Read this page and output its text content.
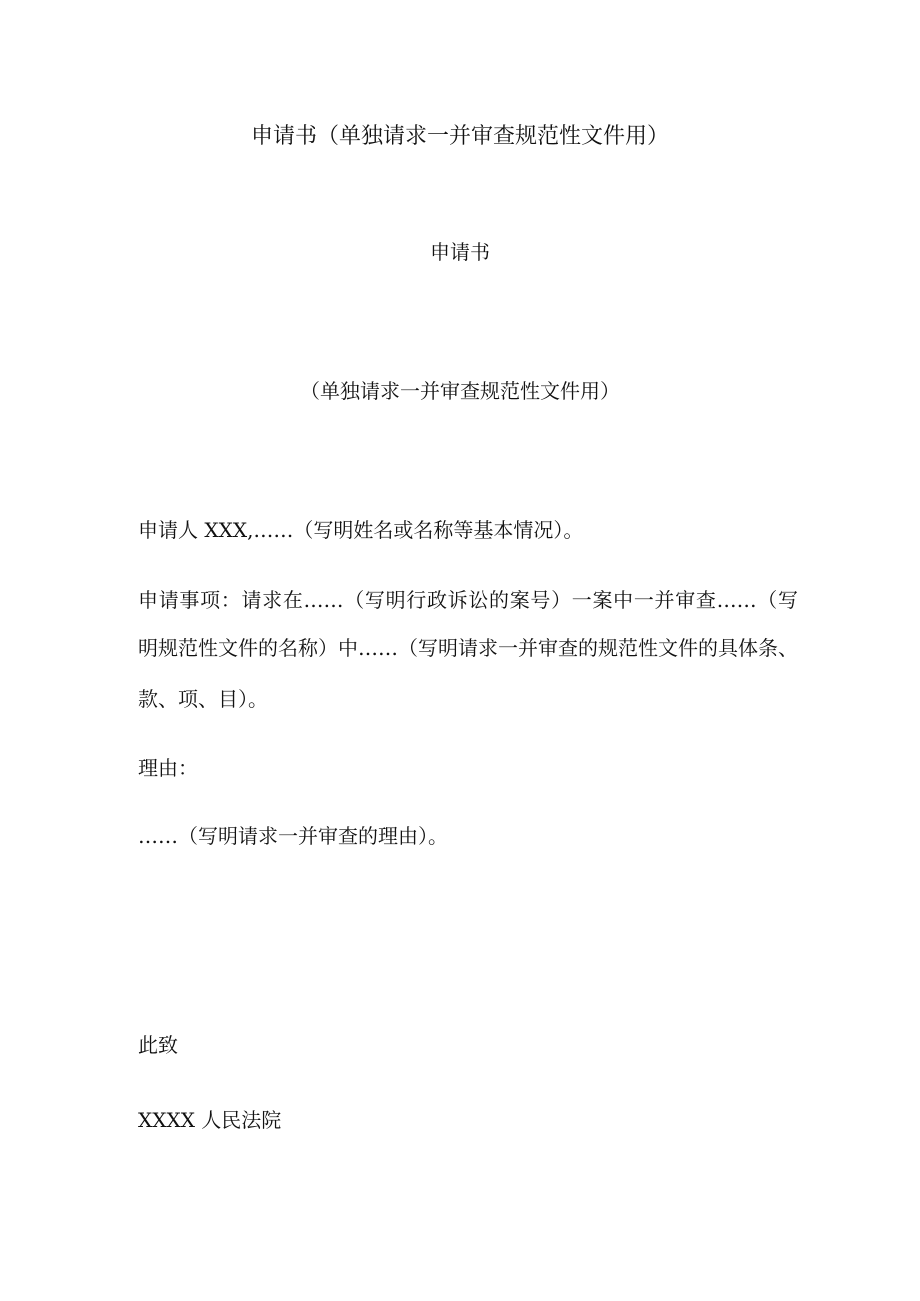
申请书（单独请求一并审查规范性文件用）
申请书
（单独请求一并审查规范性文件用）
申请人 XXX,……（写明姓名或名称等基本情况）。
申请事项：请求在……（写明行政诉讼的案号）一案中一并审查……（写
明规范性文件的名称）中……（写明请求一并审查的规范性文件的具体条、
款、项、目）。
理由：
……（写明请求一并审查的理由）。
此致
XXXX 人民法院
